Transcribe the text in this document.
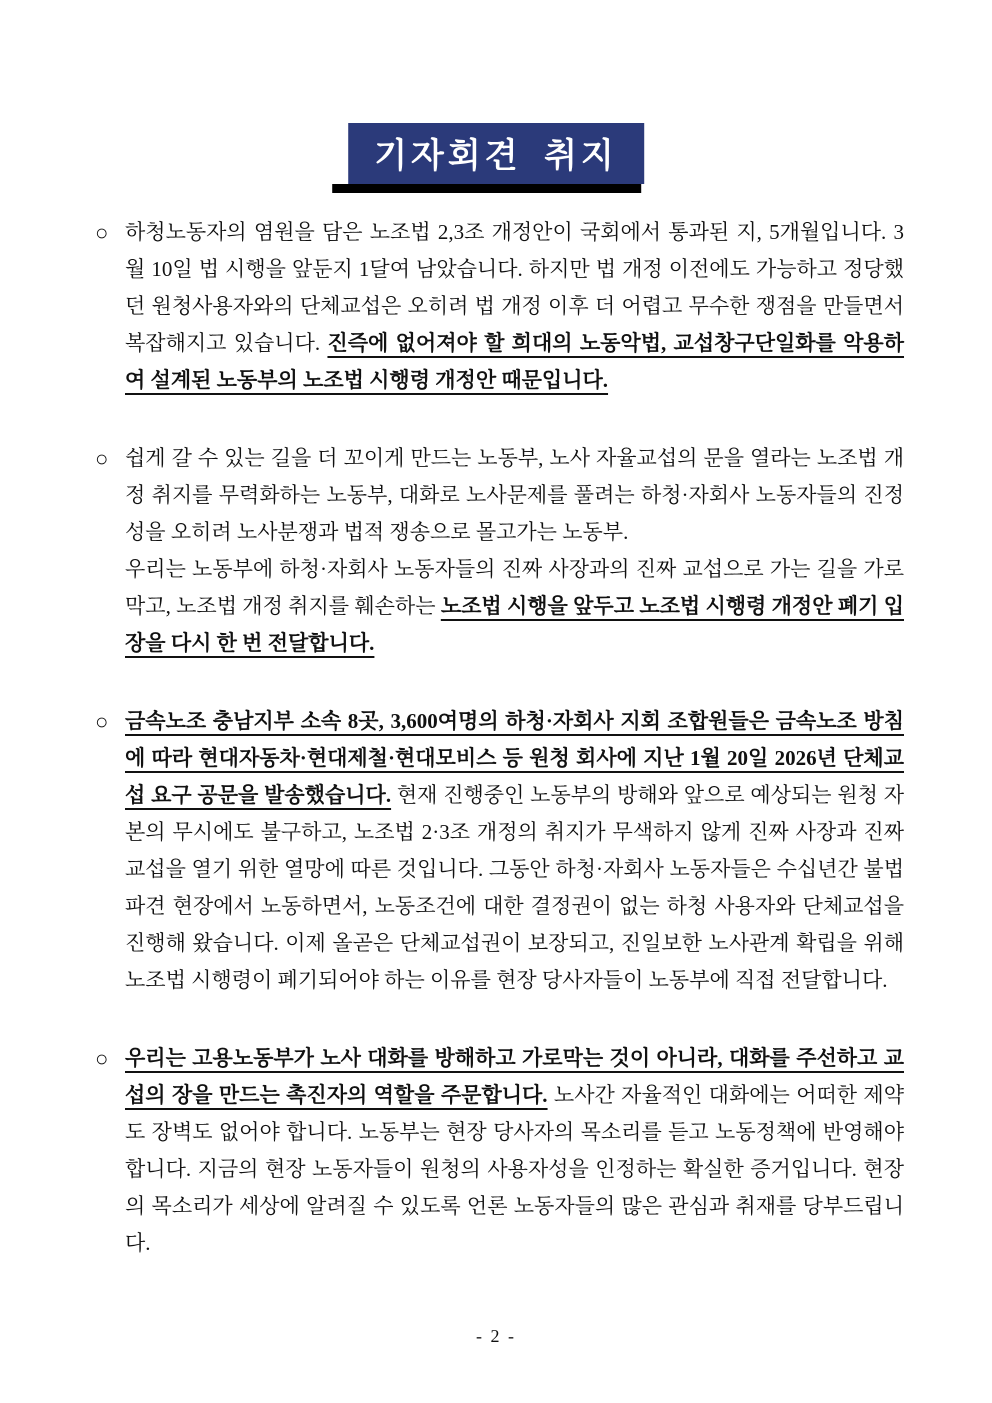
기자회견 취지
○ 하청노동자의 염원을 담은 노조법 2,3조 개정안이 국회에서 통과된 지, 5개월입니다. 3월 10일 법 시행을 앞둔지 1달여 남았습니다. 하지만 법 개정 이전에도 가능하고 정당했던 원청사용자와의 단체교섭은 오히려 법 개정 이후 더 어렵고 무수한 쟁점을 만들면서 복잡해지고 있습니다. 진즉에 없어져야 할 희대의 노동악법, 교섭창구단일화를 악용하여 설계된 노동부의 노조법 시행령 개정안 때문입니다.
○ 쉽게 갈 수 있는 길을 더 꼬이게 만드는 노동부, 노사 자율교섭의 문을 열라는 노조법 개정 취지를 무력화하는 노동부, 대화로 노사문제를 풀려는 하청·자회사 노동자들의 진정성을 오히려 노사분쟁과 법적 쟁송으로 몰고가는 노동부.
우리는 노동부에 하청·자회사 노동자들의 진짜 사장과의 진짜 교섭으로 가는 길을 가로막고, 노조법 개정 취지를 훼손하는 노조법 시행을 앞두고 노조법 시행령 개정안 폐기 입장을 다시 한 번 전달합니다.
○ 금속노조 충남지부 소속 8곳, 3,600여명의 하청·자회사 지회 조합원들은 금속노조 방침에 따라 현대자동차·현대제철·현대모비스 등 원청 회사에 지난 1월 20일 2026년 단체교섭 요구 공문을 발송했습니다. 현재 진행중인 노동부의 방해와 앞으로 예상되는 원청 자본의 무시에도 불구하고, 노조법 2·3조 개정의 취지가 무색하지 않게 진짜 사장과 진짜 교섭을 열기 위한 열망에 따른 것입니다. 그동안 하청·자회사 노동자들은 수십년간 불법파견 현장에서 노동하면서, 노동조건에 대한 결정권이 없는 하청 사용자와 단체교섭을 진행해 왔습니다. 이제 올곧은 단체교섭권이 보장되고, 진일보한 노사관계 확립을 위해 노조법 시행령이 폐기되어야 하는 이유를 현장 당사자들이 노동부에 직접 전달합니다.
○ 우리는 고용노동부가 노사 대화를 방해하고 가로막는 것이 아니라, 대화를 주선하고 교섭의 장을 만드는 촉진자의 역할을 주문합니다. 노사간 자율적인 대화에는 어떠한 제약도 장벽도 없어야 합니다. 노동부는 현장 당사자의 목소리를 듣고 노동정책에 반영해야 합니다. 지금의 현장 노동자들이 원청의 사용자성을 인정하는 확실한 증거입니다. 현장의 목소리가 세상에 알려질 수 있도록 언론 노동자들의 많은 관심과 취재를 당부드립니다.
- 2 -
